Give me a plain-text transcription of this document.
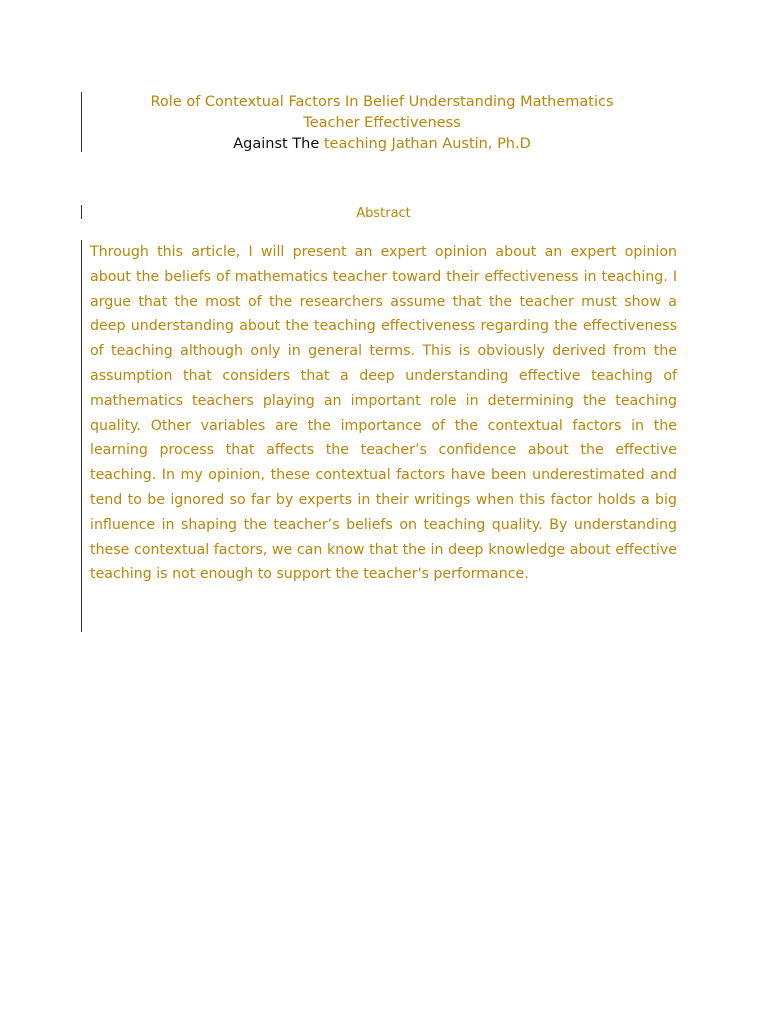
Role of Contextual Factors In Belief Understanding Mathematics
Teacher Effectiveness
Against The teaching Jathan Austin, Ph.D
Abstract

Through this article, I will present an expert opinion about an expert opinion about the beliefs of mathematics teacher toward their effectiveness in teaching. I argue that the most of the researchers assume that the teacher must show a deep understanding about the teaching effectiveness regarding the effectiveness of teaching although only in general terms. This is obviously derived from the assumption that considers that a deep understanding effective teaching of mathematics teachers playing an important role in determining the teaching quality. Other variables are the importance of the contextual factors in the learning process that affects the teacher’s confidence about the effective teaching. In my opinion, these contextual factors have been underestimated and tend to be ignored so far by experts in their writings when this factor holds a big influence in shaping the teacher’s beliefs on teaching quality. By understanding these contextual factors, we can know that the in deep knowledge about effective teaching is not enough to support the teacher's performance.
